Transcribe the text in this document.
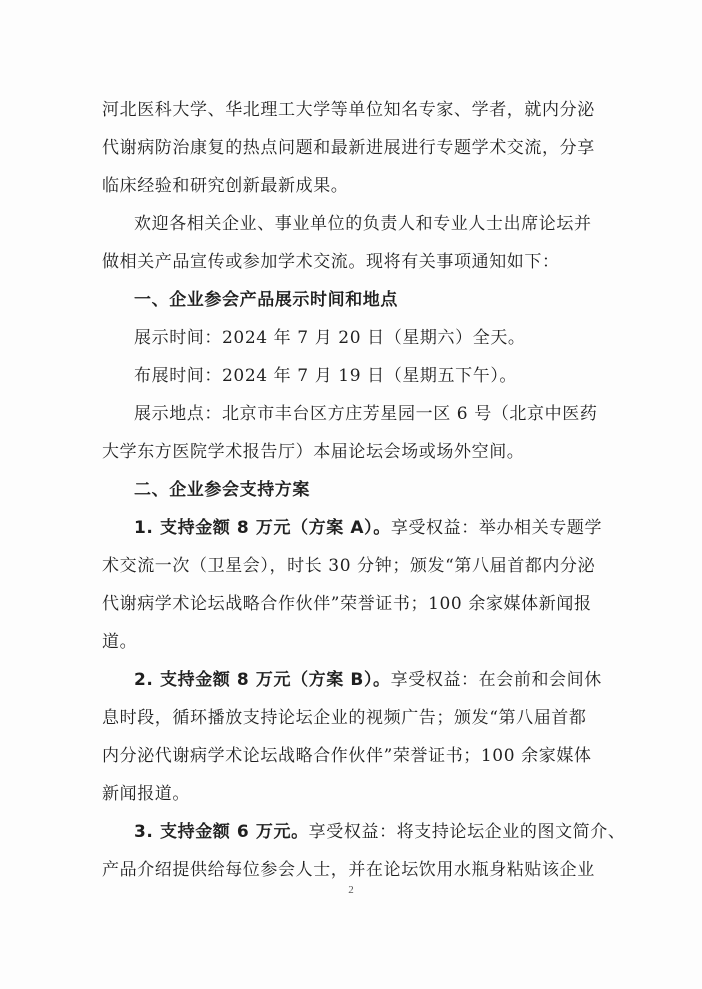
河北医科大学、华北理工大学等单位知名专家、学者，就内分泌
代谢病防治康复的热点问题和最新进展进行专题学术交流，分享
临床经验和研究创新最新成果。
欢迎各相关企业、事业单位的负责人和专业人士出席论坛并
做相关产品宣传或参加学术交流。现将有关事项通知如下：
一、企业参会产品展示时间和地点
展示时间：2024 年 7 月 20 日（星期六）全天。
布展时间：2024 年 7 月 19 日（星期五下午）。
展示地点：北京市丰台区方庄芳星园一区 6 号（北京中医药
大学东方医院学术报告厅）本届论坛会场或场外空间。
二、企业参会支持方案
1. 支持金额 8 万元（方案 A）。享受权益：举办相关专题学
术交流一次（卫星会），时长 30 分钟；颁发“第八届首都内分泌
代谢病学术论坛战略合作伙伴”荣誉证书；100 余家媒体新闻报
道。
2. 支持金额 8 万元（方案 B）。享受权益：在会前和会间休
息时段，循环播放支持论坛企业的视频广告；颁发“第八届首都
内分泌代谢病学术论坛战略合作伙伴”荣誉证书；100 余家媒体
新闻报道。
3. 支持金额 6 万元。享受权益：将支持论坛企业的图文简介、
产品介绍提供给每位参会人士，并在论坛饮用水瓶身粘贴该企业
2
